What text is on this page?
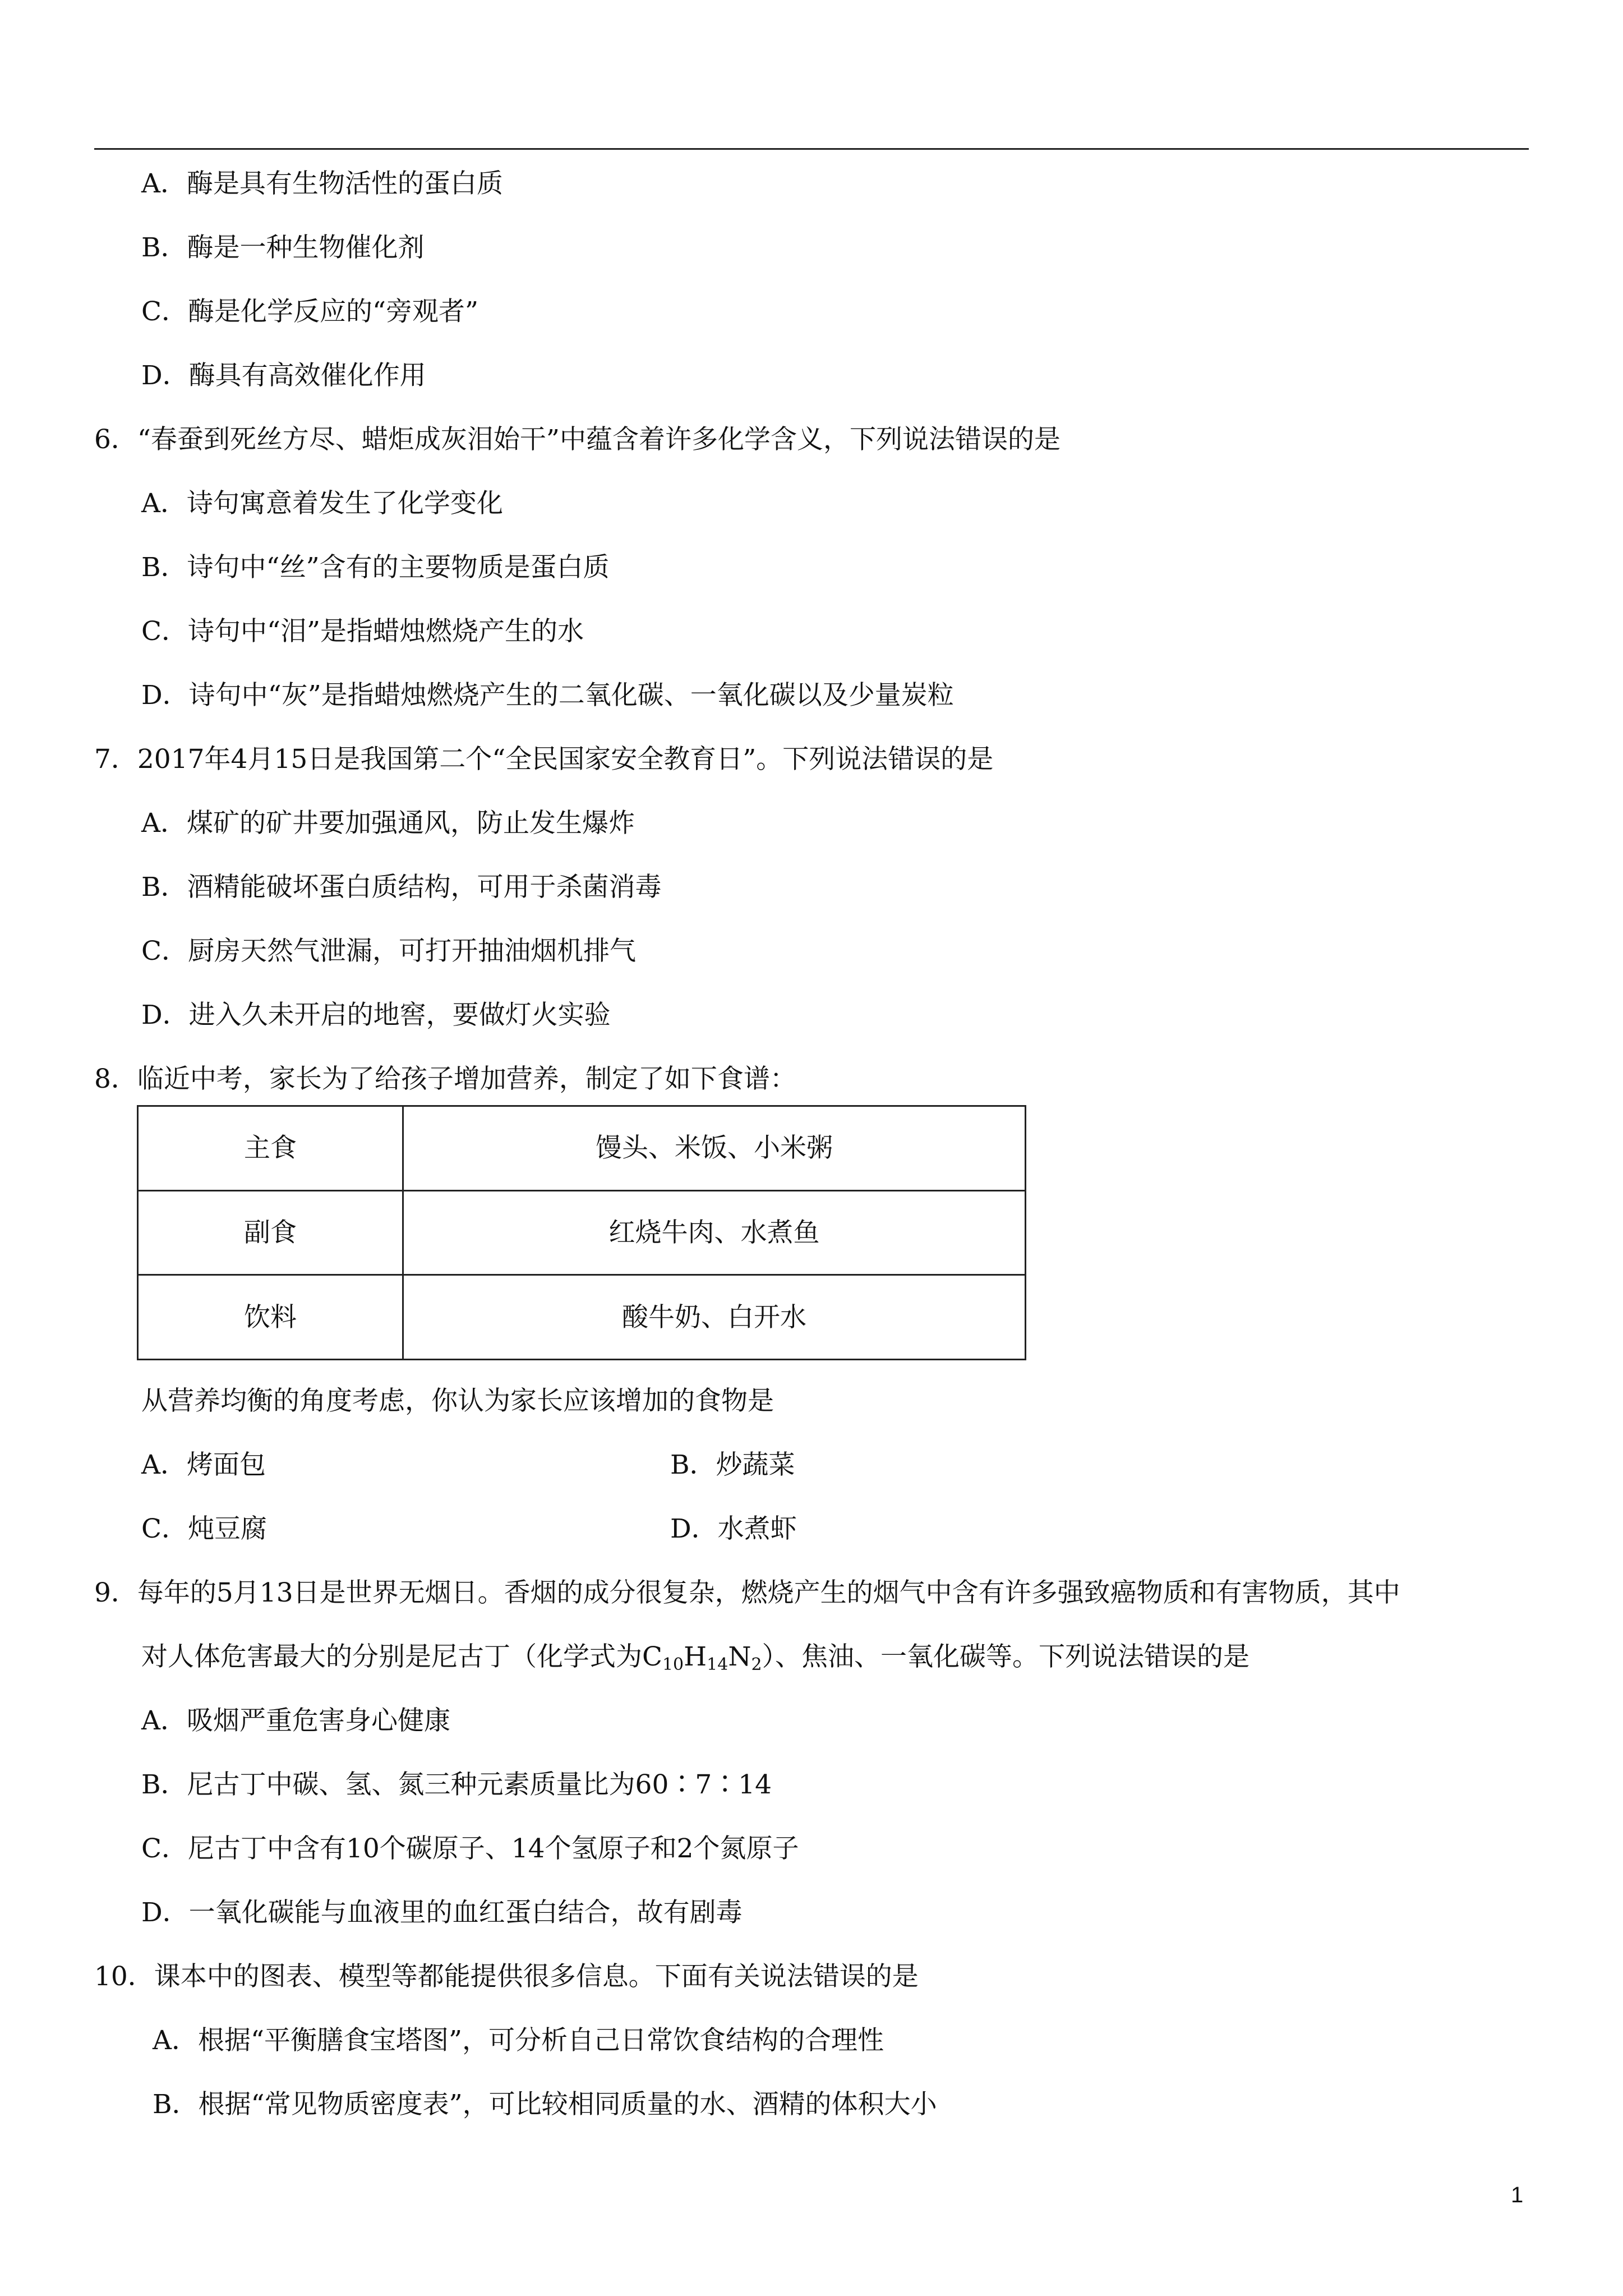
A．酶是具有生物活性的蛋白质
B．酶是一种生物催化剂
C．酶是化学反应的“旁观者”
D．酶具有高效催化作用
6．“春蚕到死丝方尽、蜡炬成灰泪始干”中蕴含着许多化学含义，下列说法错误的是
A．诗句寓意着发生了化学变化
B．诗句中“丝”含有的主要物质是蛋白质
C．诗句中“泪”是指蜡烛燃烧产生的水
D．诗句中“灰”是指蜡烛燃烧产生的二氧化碳、一氧化碳以及少量炭粒
7．2017年4月15日是我国第二个“全民国家安全教育日”。下列说法错误的是
A．煤矿的矿井要加强通风，防止发生爆炸
B．酒精能破坏蛋白质结构，可用于杀菌消毒
C．厨房天然气泄漏，可打开抽油烟机排气
D．进入久未开启的地窖，要做灯火实验
8．临近中考，家长为了给孩子增加营养，制定了如下食谱：
主食	馒头、米饭、小米粥
副食	红烧牛肉、水煮鱼
饮料	酸牛奶、白开水
从营养均衡的角度考虑，你认为家长应该增加的食物是
A．烤面包	B．炒蔬菜
C．炖豆腐	D．水煮虾
9．每年的5月13日是世界无烟日。香烟的成分很复杂，燃烧产生的烟气中含有许多强致癌物质和有害物质，其中
对人体危害最大的分别是尼古丁（化学式为$C_{10}H_{14}N_2$）、焦油、一氧化碳等。下列说法错误的是
A．吸烟严重危害身心健康
B．尼古丁中碳、氢、氮三种元素质量比为60∶7∶14
C．尼古丁中含有10个碳原子、14个氢原子和2个氮原子
D．一氧化碳能与血液里的血红蛋白结合，故有剧毒
10．课本中的图表、模型等都能提供很多信息。下面有关说法错误的是
A．根据“平衡膳食宝塔图”，可分析自己日常饮食结构的合理性
B．根据“常见物质密度表”，可比较相同质量的水、酒精的体积大小
1
